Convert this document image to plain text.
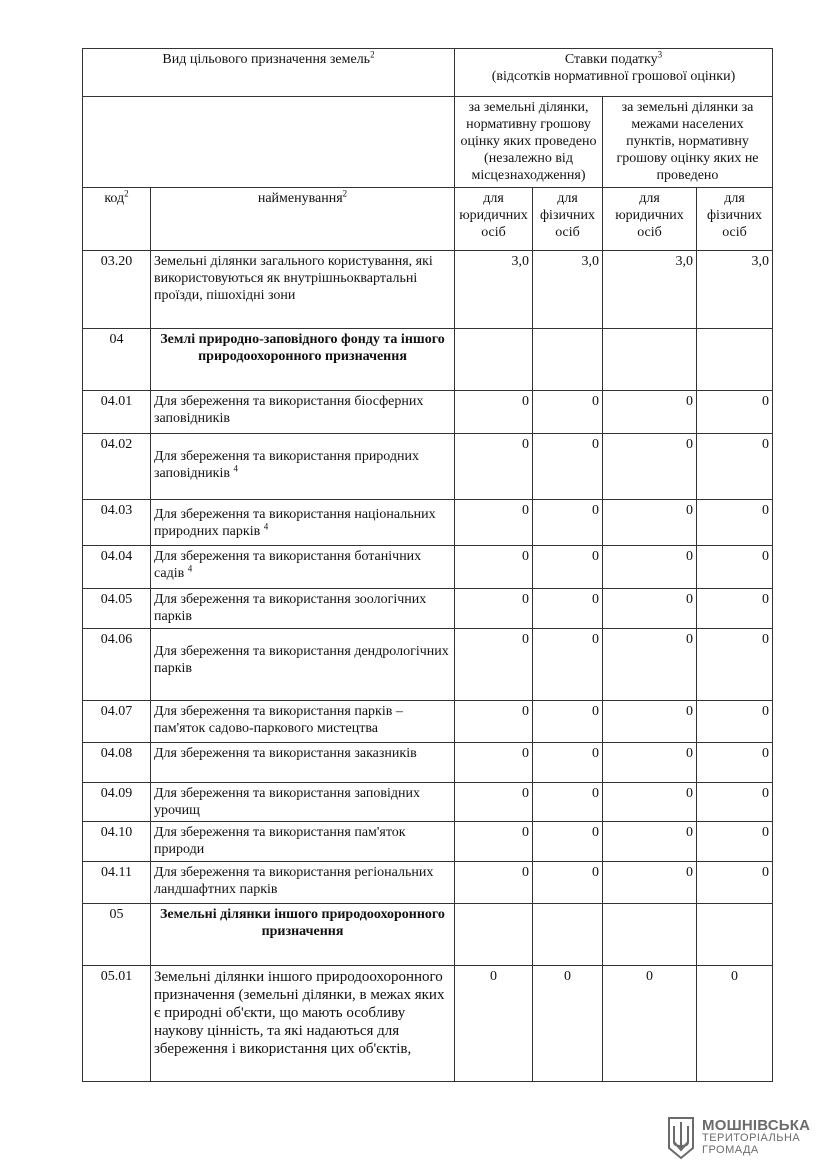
Вид цільового призначення земель$^2$		Ставки податку$^3$
(відсотків нормативної грошової оцінки)			
		за земельні ділянки, нормативну грошову оцінку яких проведено (незалежно від місцезнаходження)		за земельні ділянки за межами населених пунктів, нормативну грошову оцінку яких не проведено	
код$^2$	найменування$^2$	для юридичних осіб	для фізичних осіб	для юридичних осіб	для фізичних осіб
03.20	Земельні ділянки загального користування, які використовуються як внутрішньоквартальні проїзди, пішохідні зони	3,0	3,0	3,0	3,0
04	Землі природно-заповідного фонду та іншого природоохоронного призначення				
04.01	Для збереження та використання біосферних заповідників	0	0	0	0
04.02	Для збереження та використання природних заповідників $^4$	0	0	0	0
04.03	Для збереження та використання національних природних парків $^4$	0	0	0	0
04.04	Для збереження та використання ботанічних садів $^4$	0	0	0	0
04.05	Для збереження та використання зоологічних парків	0	0	0	0
04.06	Для збереження та використання дендрологічних парків	0	0	0	0
04.07	Для збереження та використання парків – пам'яток садово-паркового мистецтва	0	0	0	0
04.08	Для збереження та використання заказників	0	0	0	0
04.09	Для збереження та використання заповідних урочищ	0	0	0	0
04.10	Для збереження та використання пам'яток природи	0	0	0	0
04.11	Для збереження та використання регіональних ландшафтних парків	0	0	0	0
05	Земельні ділянки іншого природоохоронного призначення				
05.01	Земельні ділянки іншого природоохоронного призначення (земельні ділянки, в межах яких є природні об'єкти, що мають особливу наукову цінність, та які надаються для збереження і використання цих об'єктів,	0	0	0	0
МОШНІВСЬКА
ТЕРИТОРІАЛЬНА
ГРОМАДА
